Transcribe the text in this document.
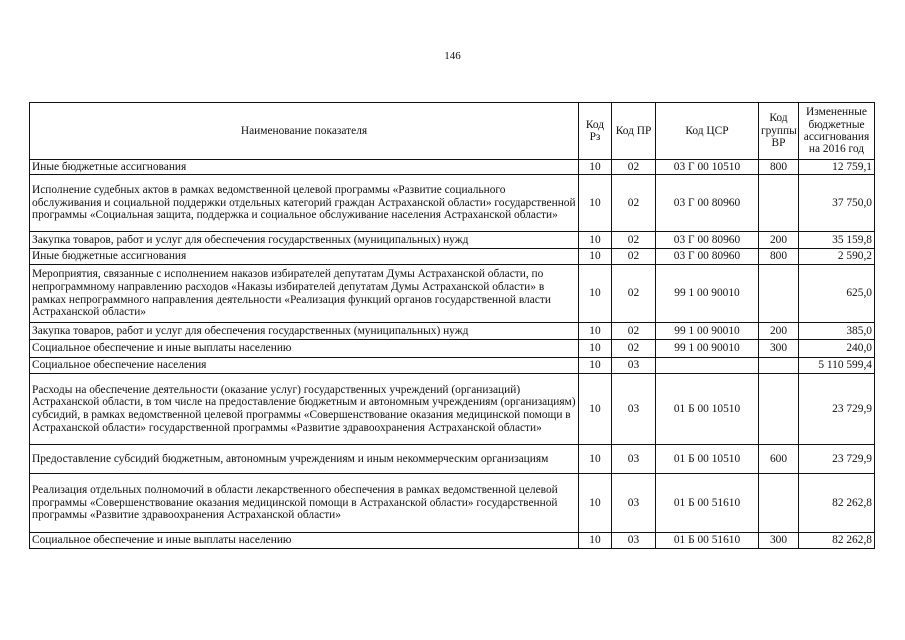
146
Наименование показателя	Код Рз	Код ПР	Код ЦСР	Код группы ВР	Измененные бюджетные ассигнования на 2016 год
Иные бюджетные ассигнования	10	02	03 Г 00 10510	800	12 759,1
Исполнение судебных актов в рамках ведомственной целевой программы «Развитие социального обслуживания и социальной поддержки отдельных категорий граждан Астраханской области» государственной программы «Социальная защита, поддержка и социальное обслуживание населения Астраханской области»	10	02	03 Г 00 80960		37 750,0
Закупка товаров, работ и услуг для обеспечения государственных (муниципальных) нужд	10	02	03 Г 00 80960	200	35 159,8
Иные бюджетные ассигнования	10	02	03 Г 00 80960	800	2 590,2
Мероприятия, связанные с исполнением наказов избирателей депутатам Думы Астраханской области, по непрограммному направлению расходов «Наказы избирателей депутатам Думы Астраханской области» в рамках непрограммного направления деятельности «Реализация функций органов государственной власти Астраханской области»	10	02	99 1 00 90010		625,0
Закупка товаров, работ и услуг для обеспечения государственных (муниципальных) нужд	10	02	99 1 00 90010	200	385,0
Социальное обеспечение и иные выплаты населению	10	02	99 1 00 90010	300	240,0
Социальное обеспечение населения	10	03			5 110 599,4
Расходы на обеспечение деятельности (оказание услуг) государственных учреждений (организаций) Астраханской области, в том числе на предоставление бюджетным и автономным учреждениям (организациям) субсидий, в рамках ведомственной целевой программы «Совершенствование оказания медицинской помощи в Астраханской области» государственной программы «Развитие здравоохранения Астраханской области»	10	03	01 Б 00 10510		23 729,9
Предоставление субсидий бюджетным, автономным учреждениям и иным некоммерческим организациям	10	03	01 Б 00 10510	600	23 729,9
Реализация отдельных полномочий в области лекарственного обеспечения в рамках ведомственной целевой программы «Совершенствование оказания медицинской помощи в Астраханской области» государственной программы «Развитие здравоохранения Астраханской области»	10	03	01 Б 00 51610		82 262,8
Социальное обеспечение и иные выплаты населению	10	03	01 Б 00 51610	300	82 262,8
